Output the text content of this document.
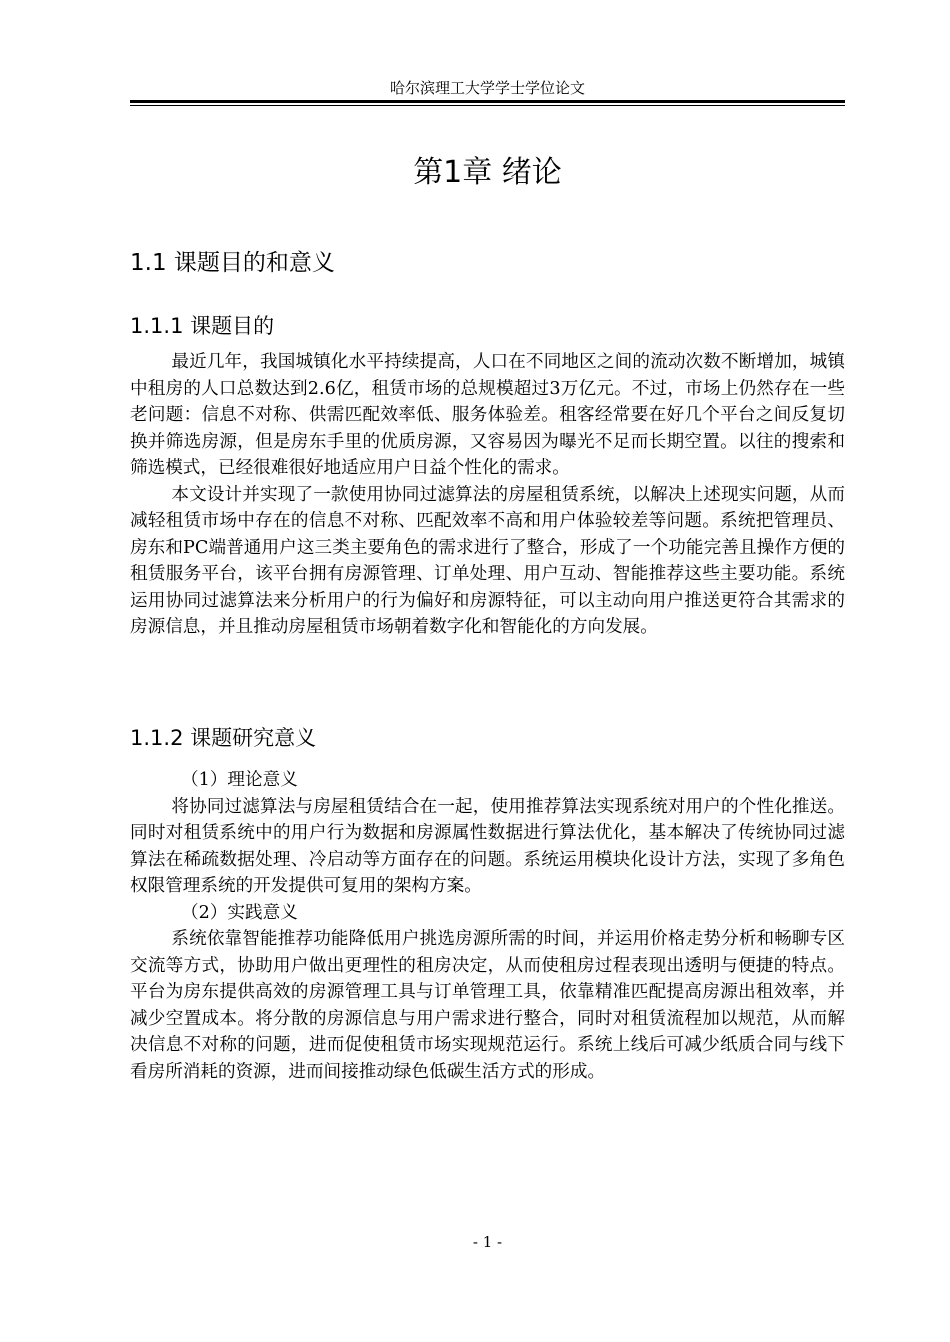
哈尔滨理工大学学士学位论文
第1章 绪论
1.1 课题目的和意义
1.1.1 课题目的

最近几年，我国城镇化水平持续提高，人口在不同地区之间的流动次数不断增加，城镇中租房的人口总数达到2.6亿，租赁市场的总规模超过3万亿元。不过，市场上仍然存在一些老问题：信息不对称、供需匹配效率低、服务体验差。租客经常要在好几个平台之间反复切换并筛选房源，但是房东手里的优质房源，又容易因为曝光不足而长期空置。以往的搜索和筛选模式，已经很难很好地适应用户日益个性化的需求。

本文设计并实现了一款使用协同过滤算法的房屋租赁系统，以解决上述现实问题，从而减轻租赁市场中存在的信息不对称、匹配效率不高和用户体验较差等问题。系统把管理员、房东和PC端普通用户这三类主要角色的需求进行了整合，形成了一个功能完善且操作方便的租赁服务平台，该平台拥有房源管理、订单处理、用户互动、智能推荐这些主要功能。系统运用协同过滤算法来分析用户的行为偏好和房源特征，可以主动向用户推送更符合其需求的房源信息，并且推动房屋租赁市场朝着数字化和智能化的方向发展。

1.1.2 课题研究意义

（1）理论意义

将协同过滤算法与房屋租赁结合在一起，使用推荐算法实现系统对用户的个性化推送。同时对租赁系统中的用户行为数据和房源属性数据进行算法优化，基本解决了传统协同过滤算法在稀疏数据处理、冷启动等方面存在的问题。系统运用模块化设计方法，实现了多角色权限管理系统的开发提供可复用的架构方案。

（2）实践意义

系统依靠智能推荐功能降低用户挑选房源所需的时间，并运用价格走势分析和畅聊专区交流等方式，协助用户做出更理性的租房决定，从而使租房过程表现出透明与便捷的特点。平台为房东提供高效的房源管理工具与订单管理工具，依靠精准匹配提高房源出租效率，并减少空置成本。将分散的房源信息与用户需求进行整合，同时对租赁流程加以规范，从而解决信息不对称的问题，进而促使租赁市场实现规范运行。系统上线后可减少纸质合同与线下看房所消耗的资源，进而间接推动绿色低碳生活方式的形成。

- 1 -
